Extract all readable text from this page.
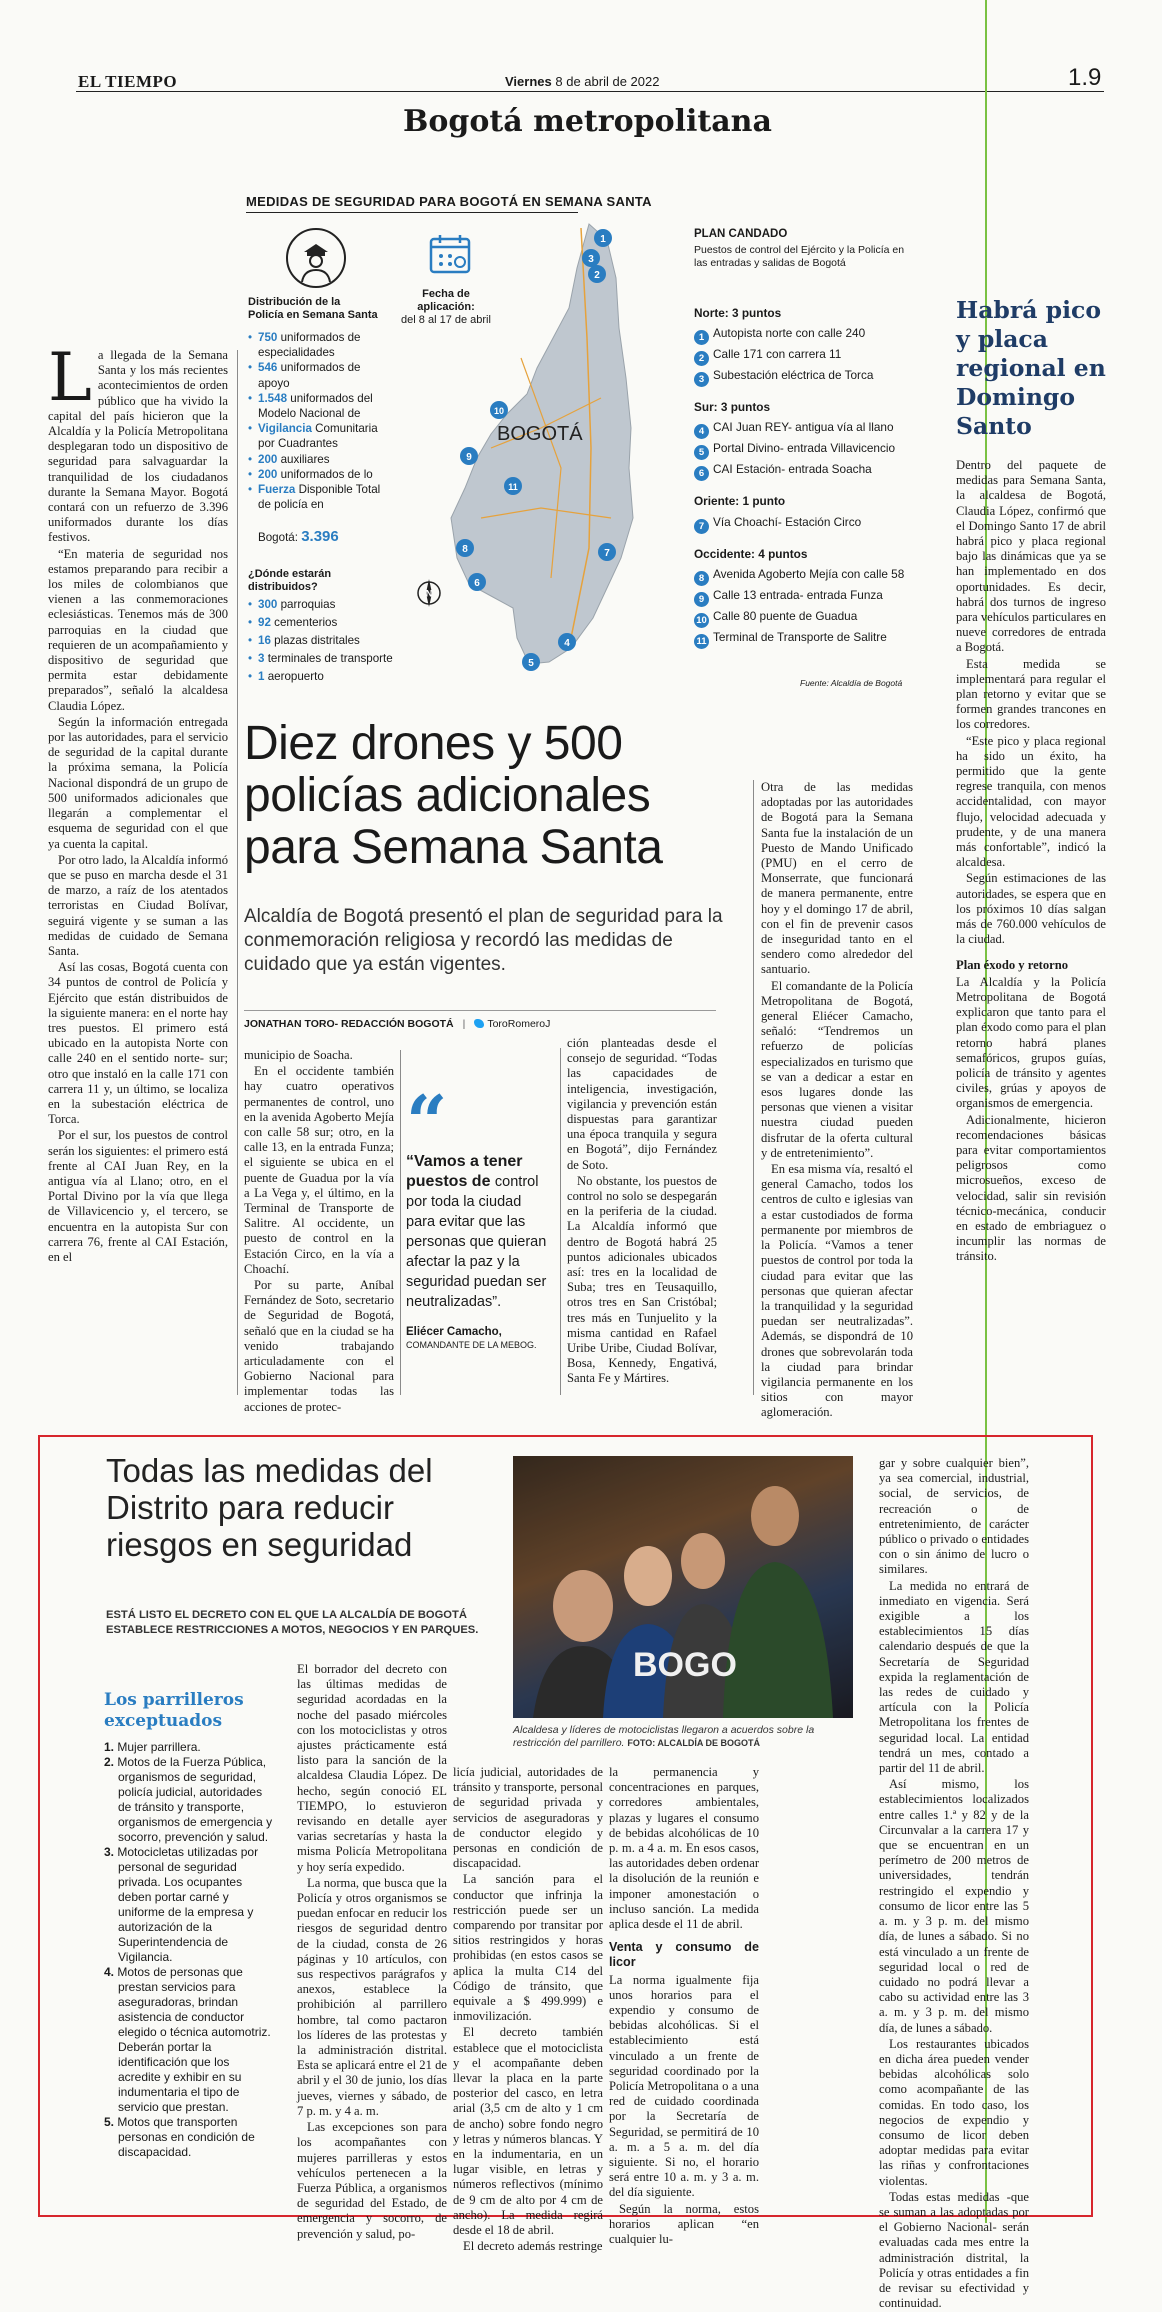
EL TIEMPO	Viernes 8 de abril de 2022	1.9
Bogotá metropolitana
MEDIDAS DE SEGURIDAD PARA BOGOTÁ EN SEMANA SANTA
Distribución de la Policía en Semana Santa
• 750 uniformados de especialidades
• 546 uniformados de apoyo
• 1.548 uniformados del Modelo Nacional de
• Vigilancia Comunitaria por Cuadrantes
• 200 auxiliares
• 200 uniformados de lo
• Fuerza Disponible Total de policía en
Bogotá: 3.396
Fecha de aplicación:
del 8 al 17 de abril
¿Dónde estarán distribuidos?
• 300 parroquias
• 92 cementerios
• 16 plazas distritales
• 3 terminales de transporte
• 1 aeropuerto
N
BOGOTÁ
1
2
3
4
5
6
7
8
9
10
11
PLAN CANDADO
Puestos de control del Ejército y la Policía en las entradas y salidas de Bogotá
Norte: 3 puntos
1 Autopista norte con calle 240
2 Calle 171 con carrera 11
3 Subestación eléctrica de Torca
Sur: 3 puntos
4 CAI Juan REY- antigua vía al llano
5 Portal Divino- entrada Villavicencio
6 CAI Estación- entrada Soacha
Oriente: 1 punto
7 Vía Choachí- Estación Circo
Occidente: 4 puntos
8 Avenida Agoberto Mejía con calle 58
9 Calle 13 entrada- entrada Funza
10 Calle 80 puente de Guadua
11 Terminal de Transporte de Salitre
Fuente: Alcaldía de Bogotá

La llegada de la Semana Santa y los más recientes acontecimientos de orden público que ha vivido la capital del país hicieron que la Alcaldía y la Policía Metropolitana desplegaran todo un dispositivo de seguridad para salvaguardar la tranquilidad de los ciudadanos durante la Semana Mayor. Bogotá contará con un refuerzo de 3.396 uniformados durante los días festivos.

“En materia de seguridad nos estamos preparando para recibir a los miles de colombianos que vienen a las conmemoraciones eclesiásticas. Tenemos más de 300 parroquias en la ciudad que requieren de un acompañamiento y dispositivo de seguridad que permita estar debidamente preparados”, señaló la alcaldesa Claudia López.

Según la información entregada por las autoridades, para el servicio de seguridad de la capital durante la próxima semana, la Policía Nacional dispondrá de un grupo de 500 uniformados adicionales que llegarán a complementar el esquema de seguridad con el que ya cuenta la capital.

Por otro lado, la Alcaldía informó que se puso en marcha desde el 31 de marzo, a raíz de los atentados terroristas en Ciudad Bolívar, seguirá vigente y se suman a las medidas de cuidado de Semana Santa.

Así las cosas, Bogotá cuenta con 34 puntos de control de Policía y Ejército que están distribuidos de la siguiente manera: en el norte hay tres puestos. El primero está ubicado en la autopista Norte con calle 240 en el sentido norte- sur; otro que instaló en la calle 171 con carrera 11 y, un último, se localiza en la subestación eléctrica de Torca.

Por el sur, los puestos de control serán los siguientes: el primero está frente al CAI Juan Rey, en la antigua vía al Llano; otro, en el Portal Divino por la vía que llega de Villavicencio y, el tercero, se encuentra en la autopista Sur con carrera 76, frente al CAI Estación, en el

Diez drones y 500 policías adicionales para Semana Santa
Alcaldía de Bogotá presentó el plan de seguridad para la conmemoración religiosa y recordó las medidas de cuidado que ya están vigentes.
JONATHAN TORO- REDACCIÓN BOGOTÁ | ToroRomeroJ

municipio de Soacha.

En el occidente también hay cuatro operativos permanentes de control, uno en la avenida Agoberto Mejía con calle 58 sur; otro, en la calle 13, en la entrada Funza; el siguiente se ubica en el puente de Guadua por la vía a La Vega y, el último, en la Terminal de Transporte de Salitre. Al occidente, un puesto de control en la Estación Circo, en la vía a Choachí.

Por su parte, Aníbal Fernández de Soto, secretario de Seguridad de Bogotá, señaló que en la ciudad se ha venido trabajando articuladamente con el Gobierno Nacional para implementar todas las acciones de protec-

“
“Vamos a tener puestos de control por toda la ciudad para evitar que las personas que quieran afectar la paz y la seguridad puedan ser neutralizadas”.
Eliécer Camacho,
COMANDANTE DE LA MEBOG.

ción planteadas desde el consejo de seguridad. “Todas las capacidades de inteligencia, investigación, vigilancia y prevención están dispuestas para garantizar una época tranquila y segura en Bogotá”, dijo Fernández de Soto.

No obstante, los puestos de control no solo se despegarán en la periferia de la ciudad. La Alcaldía informó que dentro de Bogotá habrá 25 puntos adicionales ubicados así: tres en la localidad de Suba; tres en Teusaquillo, otros tres en San Cristóbal; tres más en Tunjuelito y la misma cantidad en Rafael Uribe Uribe, Ciudad Bolívar, Bosa, Kennedy, Engativá, Santa Fe y Mártires.

Otra de las medidas adoptadas por las autoridades de Bogotá para la Semana Santa fue la instalación de un Puesto de Mando Unificado (PMU) en el cerro de Monserrate, que funcionará de manera permanente, entre hoy y el domingo 17 de abril, con el fin de prevenir casos de inseguridad tanto en el sendero como alrededor del santuario.

El comandante de la Policía Metropolitana de Bogotá, general Eliécer Camacho, señaló: “Tendremos un refuerzo de policías especializados en turismo que se van a dedicar a estar en esos lugares donde las personas que vienen a visitar nuestra ciudad pueden disfrutar de la oferta cultural y de entretenimiento”.

En esa misma vía, resaltó el general Camacho, todos los centros de culto e iglesias van a estar custodiados de forma permanente por miembros de la Policía. “Vamos a tener puestos de control por toda la ciudad para evitar que las personas que quieran afectar la tranquilidad y la seguridad puedan ser neutralizadas”. Además, se dispondrá de 10 drones que sobrevolarán toda la ciudad para brindar vigilancia permanente en los sitios con mayor aglomeración.

Habrá pico y placa regional en Domingo Santo

Dentro del paquete de medidas para Semana Santa, la alcaldesa de Bogotá, Claudia López, confirmó que el Domingo Santo 17 de abril habrá pico y placa regional bajo las dinámicas que ya se han implementado en dos oportunidades. Es decir, habrá dos turnos de ingreso para vehículos particulares en nueve corredores de entrada a Bogotá.

Esta medida se implementará para regular el plan retorno y evitar que se formen grandes trancones en los corredores.

“Este pico y placa regional ha sido un éxito, ha permitido que la gente regrese tranquila, con menos accidentalidad, con mayor flujo, velocidad adecuada y prudente, y de una manera más confortable”, indicó la alcaldesa.

Según estimaciones de las autoridades, se espera que en los próximos 10 días salgan más de 760.000 vehículos de la ciudad.

Plan éxodo y retorno

La Alcaldía y la Policía Metropolitana de Bogotá explicaron que tanto para el plan éxodo como para el plan retorno habrá planes semafóricos, grupos guías, policía de tránsito y agentes civiles, grúas y apoyos de organismos de emergencia.

Adicionalmente, hicieron recomendaciones básicas para evitar comportamientos peligrosos como microsueños, exceso de velocidad, salir sin revisión técnico-mecánica, conducir en estado de embriaguez o incumplir las normas de tránsito.

Todas las medidas del Distrito para reducir riesgos en seguridad
ESTÁ LISTO EL DECRETO CON EL QUE LA ALCALDÍA DE BOGOTÁ ESTABLECE RESTRICCIONES A MOTOS, NEGOCIOS Y EN PARQUES.
BOGO
Alcaldesa y líderes de motociclistas llegaron a acuerdos sobre la restricción del parrillero. FOTO: ALCALDÍA DE BOGOTÁ
Los parrilleros exceptuados
1. Mujer parrillera.
2. Motos de la Fuerza Pública, organismos de seguridad, policía judicial, autoridades de tránsito y transporte, organismos de emergencia y socorro, prevención y salud.
3. Motocicletas utilizadas por personal de seguridad privada. Los ocupantes deben portar carné y uniforme de la empresa y autorización de la Superintendencia de Vigilancia.
4. Motos de personas que prestan servicios para aseguradoras, brindan asistencia de conductor elegido o técnica automotriz. Deberán portar la identificación que los acredite y exhibir en su indumentaria el tipo de servicio que prestan.
5. Motos que transporten personas en condición de discapacidad.

El borrador del decreto con las últimas medidas de seguridad acordadas en la noche del pasado miércoles con los motociclistas y otros ajustes prácticamente está listo para la sanción de la alcaldesa Claudia López. De hecho, según conoció EL TIEMPO, lo estuvieron revisando en detalle ayer varias secretarías y hasta la misma Policía Metropolitana y hoy sería expedido.

La norma, que busca que la Policía y otros organismos se puedan enfocar en reducir los riesgos de seguridad dentro de la ciudad, consta de 26 páginas y 10 artículos, con sus respectivos parágrafos y anexos, establece la prohibición al parrillero hombre, tal como pactaron los líderes de las protestas y la administración distrital. Esta se aplicará entre el 21 de abril y el 30 de junio, los días jueves, viernes y sábado, de 7 p. m. y 4 a. m.

Las excepciones son para los acompañantes con mujeres parrilleras y estos vehículos pertenecen a la Fuerza Pública, a organismos de seguridad del Estado, de emergencia y socorro, de prevención y salud, po-

licía judicial, autoridades de tránsito y transporte, personal de seguridad privada y servicios de aseguradoras y de conductor elegido y personas en condición de discapacidad.

La sanción para el conductor que infrinja la restricción puede ser un comparendo por transitar por sitios restringidos y horas prohibidas (en estos casos se aplica la multa C14 del Código de tránsito, que equivale a $ 499.999) e inmovilización.

El decreto también establece que el motociclista y el acompañante deben llevar la placa en la parte posterior del casco, en letra arial (3,5 cm de alto y 1 cm de ancho) sobre fondo negro y letras y números blancas. Y en la indumentaria, en un lugar visible, en letras y números reflectivos (mínimo de 9 cm de alto por 4 cm de ancho). La medida regirá desde el 18 de abril.

El decreto además restringe

la permanencia y concentraciones en parques, corredores ambientales, plazas y lugares el consumo de bebidas alcohólicas de 10 p. m. a 4 a. m. En esos casos, las autoridades deben ordenar la disolución de la reunión e imponer amonestación o incluso sanción. La medida aplica desde el 11 de abril.

Venta y consumo de licor

La norma igualmente fija unos horarios para el expendio y consumo de bebidas alcohólicas. Si el establecimiento está vinculado a un frente de seguridad coordinado por la Policía Metropolitana o a una red de cuidado coordinada por la Secretaría de Seguridad, se permitirá de 10 a. m. a 5 a. m. del día siguiente. Si no, el horario será entre 10 a. m. y 3 a. m. del día siguiente.

Según la norma, estos horarios aplican “en cualquier lu-

gar y sobre cualquier bien”, ya sea comercial, industrial, social, de servicios, de recreación o de entretenimiento, de carácter público o privado o entidades con o sin ánimo de lucro o similares.

La medida no entrará de inmediato en vigencia. Será exigible a los establecimientos 15 días calendario después de que la Secretaría de Seguridad expida la reglamentación de las redes de cuidado y artícula con la Policía Metropolitana los frentes de seguridad local. La entidad tendrá un mes, contado a partir del 11 de abril.

Así mismo, los establecimientos localizados entre calles 1.ª y 82 y de la Circunvalar a la carrera 17 y que se encuentran en un perímetro de 200 metros de universidades, tendrán restringido el expendio y consumo de licor entre las 5 a. m. y 3 p. m. del mismo día, de lunes a sábado. Si no está vinculado a un frente de seguridad local o red de cuidado no podrá llevar a cabo su actividad entre las 3 a. m. y 3 p. m. del mismo día, de lunes a sábado.

Los restaurantes ubicados en dicha área pueden vender bebidas alcohólicas solo como acompañante de las comidas. En todo caso, los negocios de expendio y consumo de licor deben adoptar medidas para evitar las riñas y confrontaciones violentas.

Todas estas medidas -que se suman a las adoptadas por el Gobierno Nacional- serán evaluadas cada mes entre la administración distrital, la Policía y otras entidades a fin de revisar su efectividad y continuidad.
